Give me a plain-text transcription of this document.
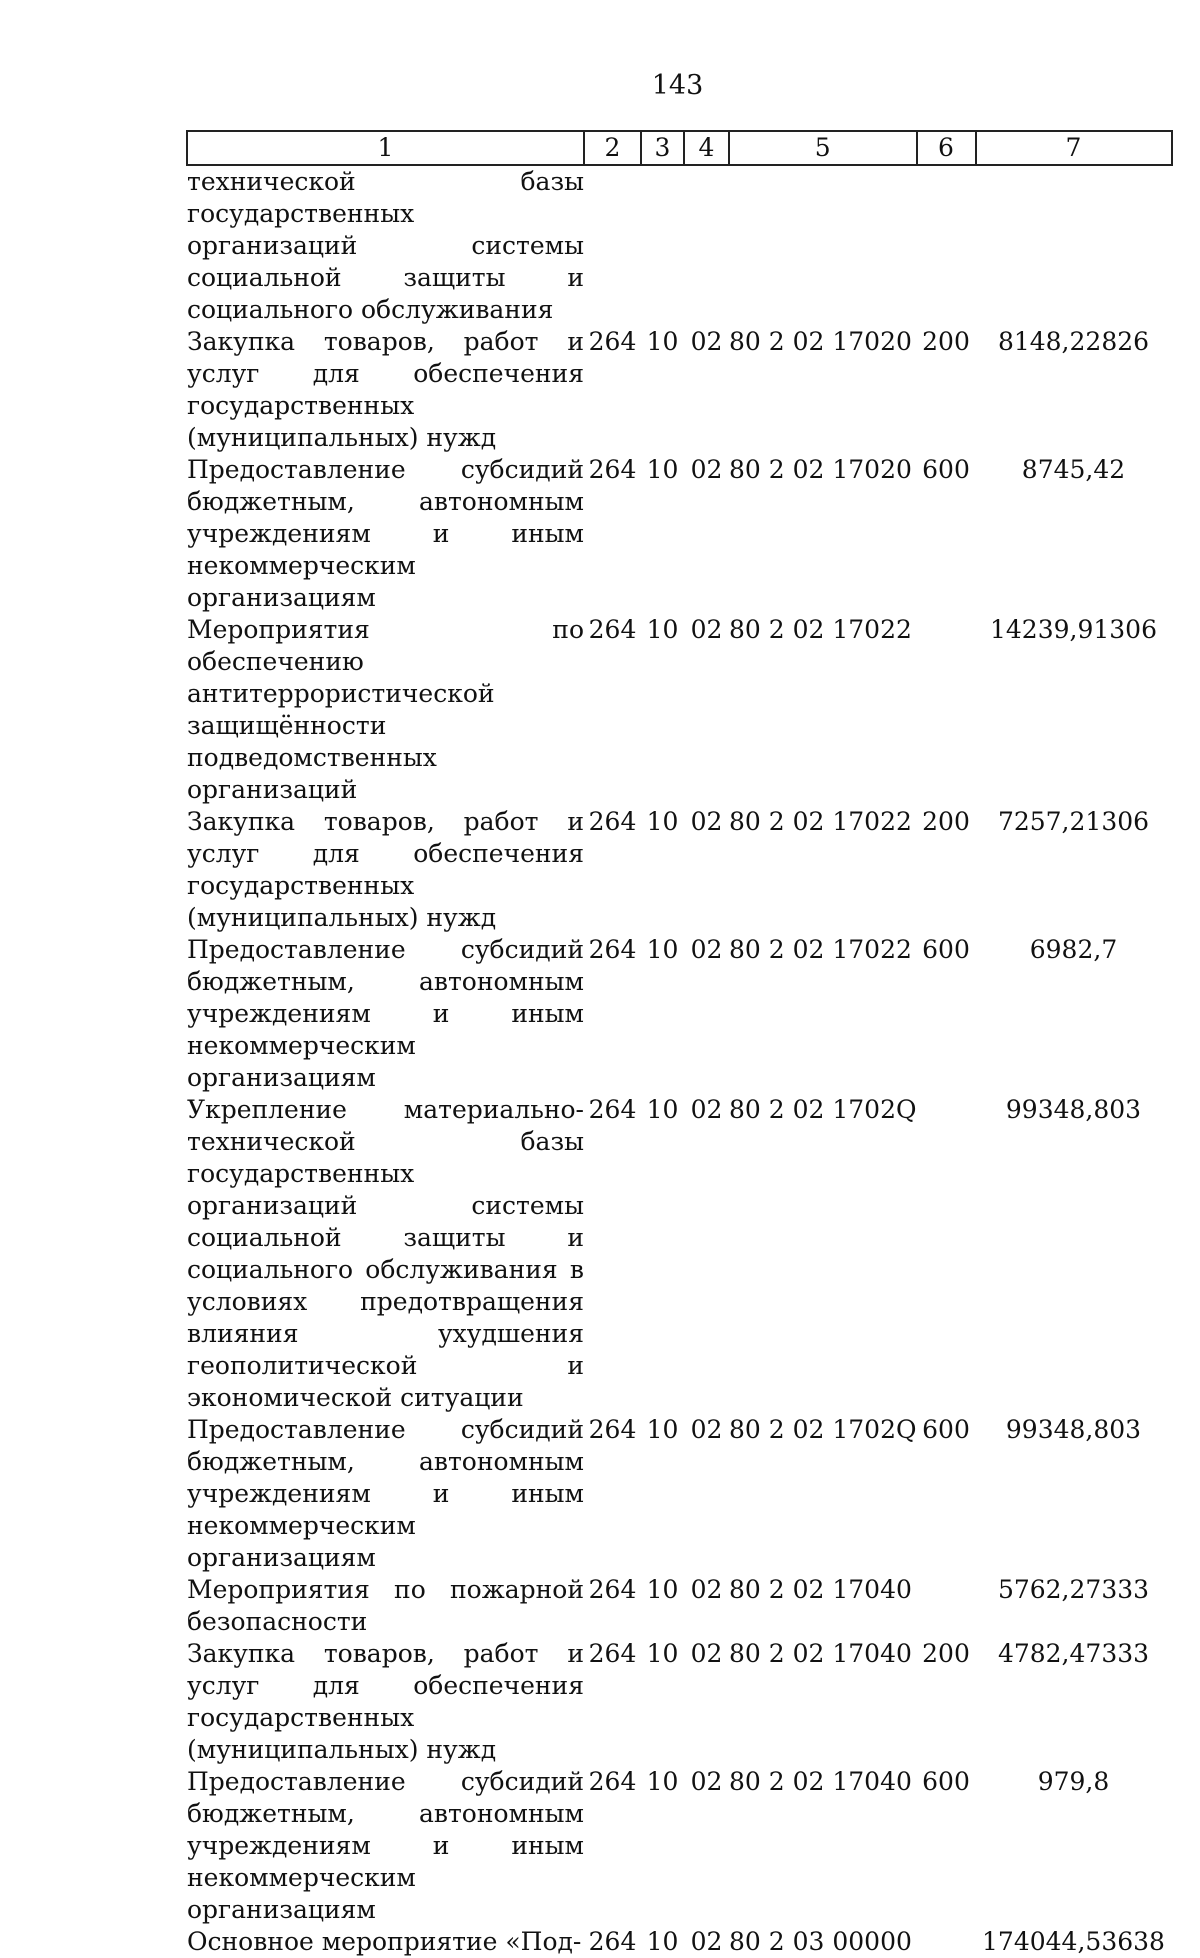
143
1	2	3	4	5	6	7
технической базы государственных организаций системы социальной защиты и социального обслуживания						
Закупка товаров, работ и услуг для обеспечения государственных (муниципальных) нужд	264	10	02	80 2 02 17020	200	8148,22826
Предоставление субсидий бюджетным, автономным учреждениям и иным некоммерческим организациям	264	10	02	80 2 02 17020	600	8745,42
Мероприятия по обеспечению антитеррористической защищённости подведомственных организаций	264	10	02	80 2 02 17022		14239,91306
Закупка товаров, работ и услуг для обеспечения государственных (муниципальных) нужд	264	10	02	80 2 02 17022	200	7257,21306
Предоставление субсидий бюджетным, автономным учреждениям и иным некоммерческим организациям	264	10	02	80 2 02 17022	600	6982,7
Укрепление материально-технической базы государственных организаций системы социальной защиты и социального обслуживания в условиях предотвращения влияния ухудшения геополитической и экономической ситуации	264	10	02	80 2 02 1702Q		99348,803
Предоставление субсидий бюджетным, автономным учреждениям и иным некоммерческим организациям	264	10	02	80 2 02 1702Q	600	99348,803
Мероприятия по пожарной безопасности	264	10	02	80 2 02 17040		5762,27333
Закупка товаров, работ и услуг для обеспечения государственных (муниципальных) нужд	264	10	02	80 2 02 17040	200	4782,47333
Предоставление субсидий бюджетным, автономным учреждениям и иным некоммерческим организациям	264	10	02	80 2 02 17040	600	979,8
Основное мероприятие «Под-	264	10	02	80 2 03 00000		174044,53638
